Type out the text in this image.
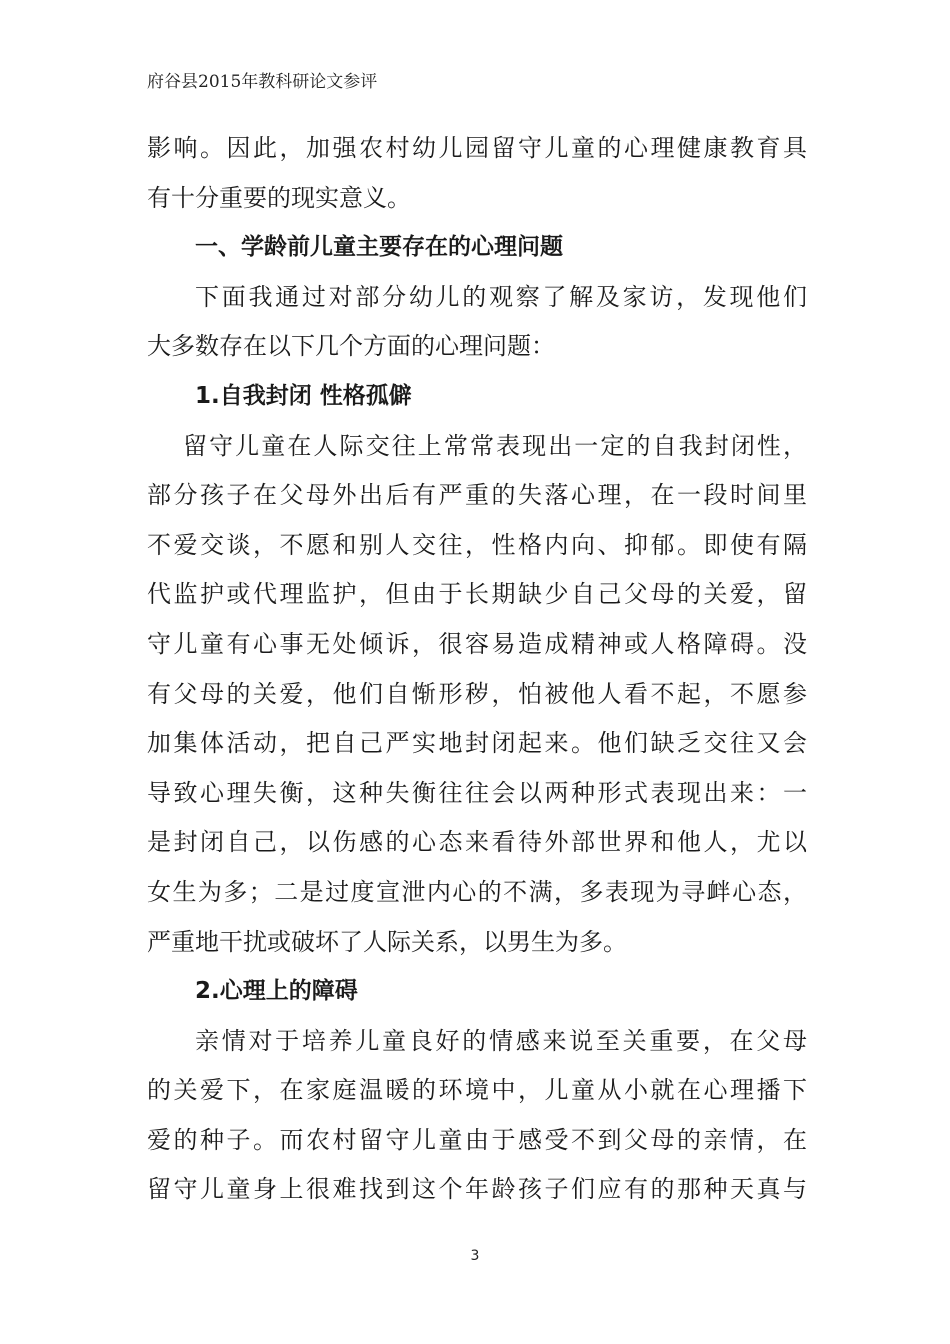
府谷县2015年教科研论文参评
影响。因此，加强农村幼儿园留守儿童的心理健康教育具
有十分重要的现实意义。
一、学龄前儿童主要存在的心理问题
下面我通过对部分幼儿的观察了解及家访，发现他们
大多数存在以下几个方面的心理问题：
1.自我封闭 性格孤僻
留守儿童在人际交往上常常表现出一定的自我封闭性，
部分孩子在父母外出后有严重的失落心理，在一段时间里
不爱交谈，不愿和别人交往，性格内向、抑郁。即使有隔
代监护或代理监护，但由于长期缺少自己父母的关爱，留
守儿童有心事无处倾诉，很容易造成精神或人格障碍。没
有父母的关爱，他们自惭形秽，怕被他人看不起，不愿参
加集体活动，把自己严实地封闭起来。他们缺乏交往又会
导致心理失衡，这种失衡往往会以两种形式表现出来：一
是封闭自己，以伤感的心态来看待外部世界和他人，尤以
女生为多；二是过度宣泄内心的不满，多表现为寻衅心态，
严重地干扰或破坏了人际关系，以男生为多。
2.心理上的障碍
亲情对于培养儿童良好的情感来说至关重要，在父母
的关爱下，在家庭温暖的环境中，儿童从小就在心理播下
爱的种子。而农村留守儿童由于感受不到父母的亲情，在
留守儿童身上很难找到这个年龄孩子们应有的那种天真与
3
